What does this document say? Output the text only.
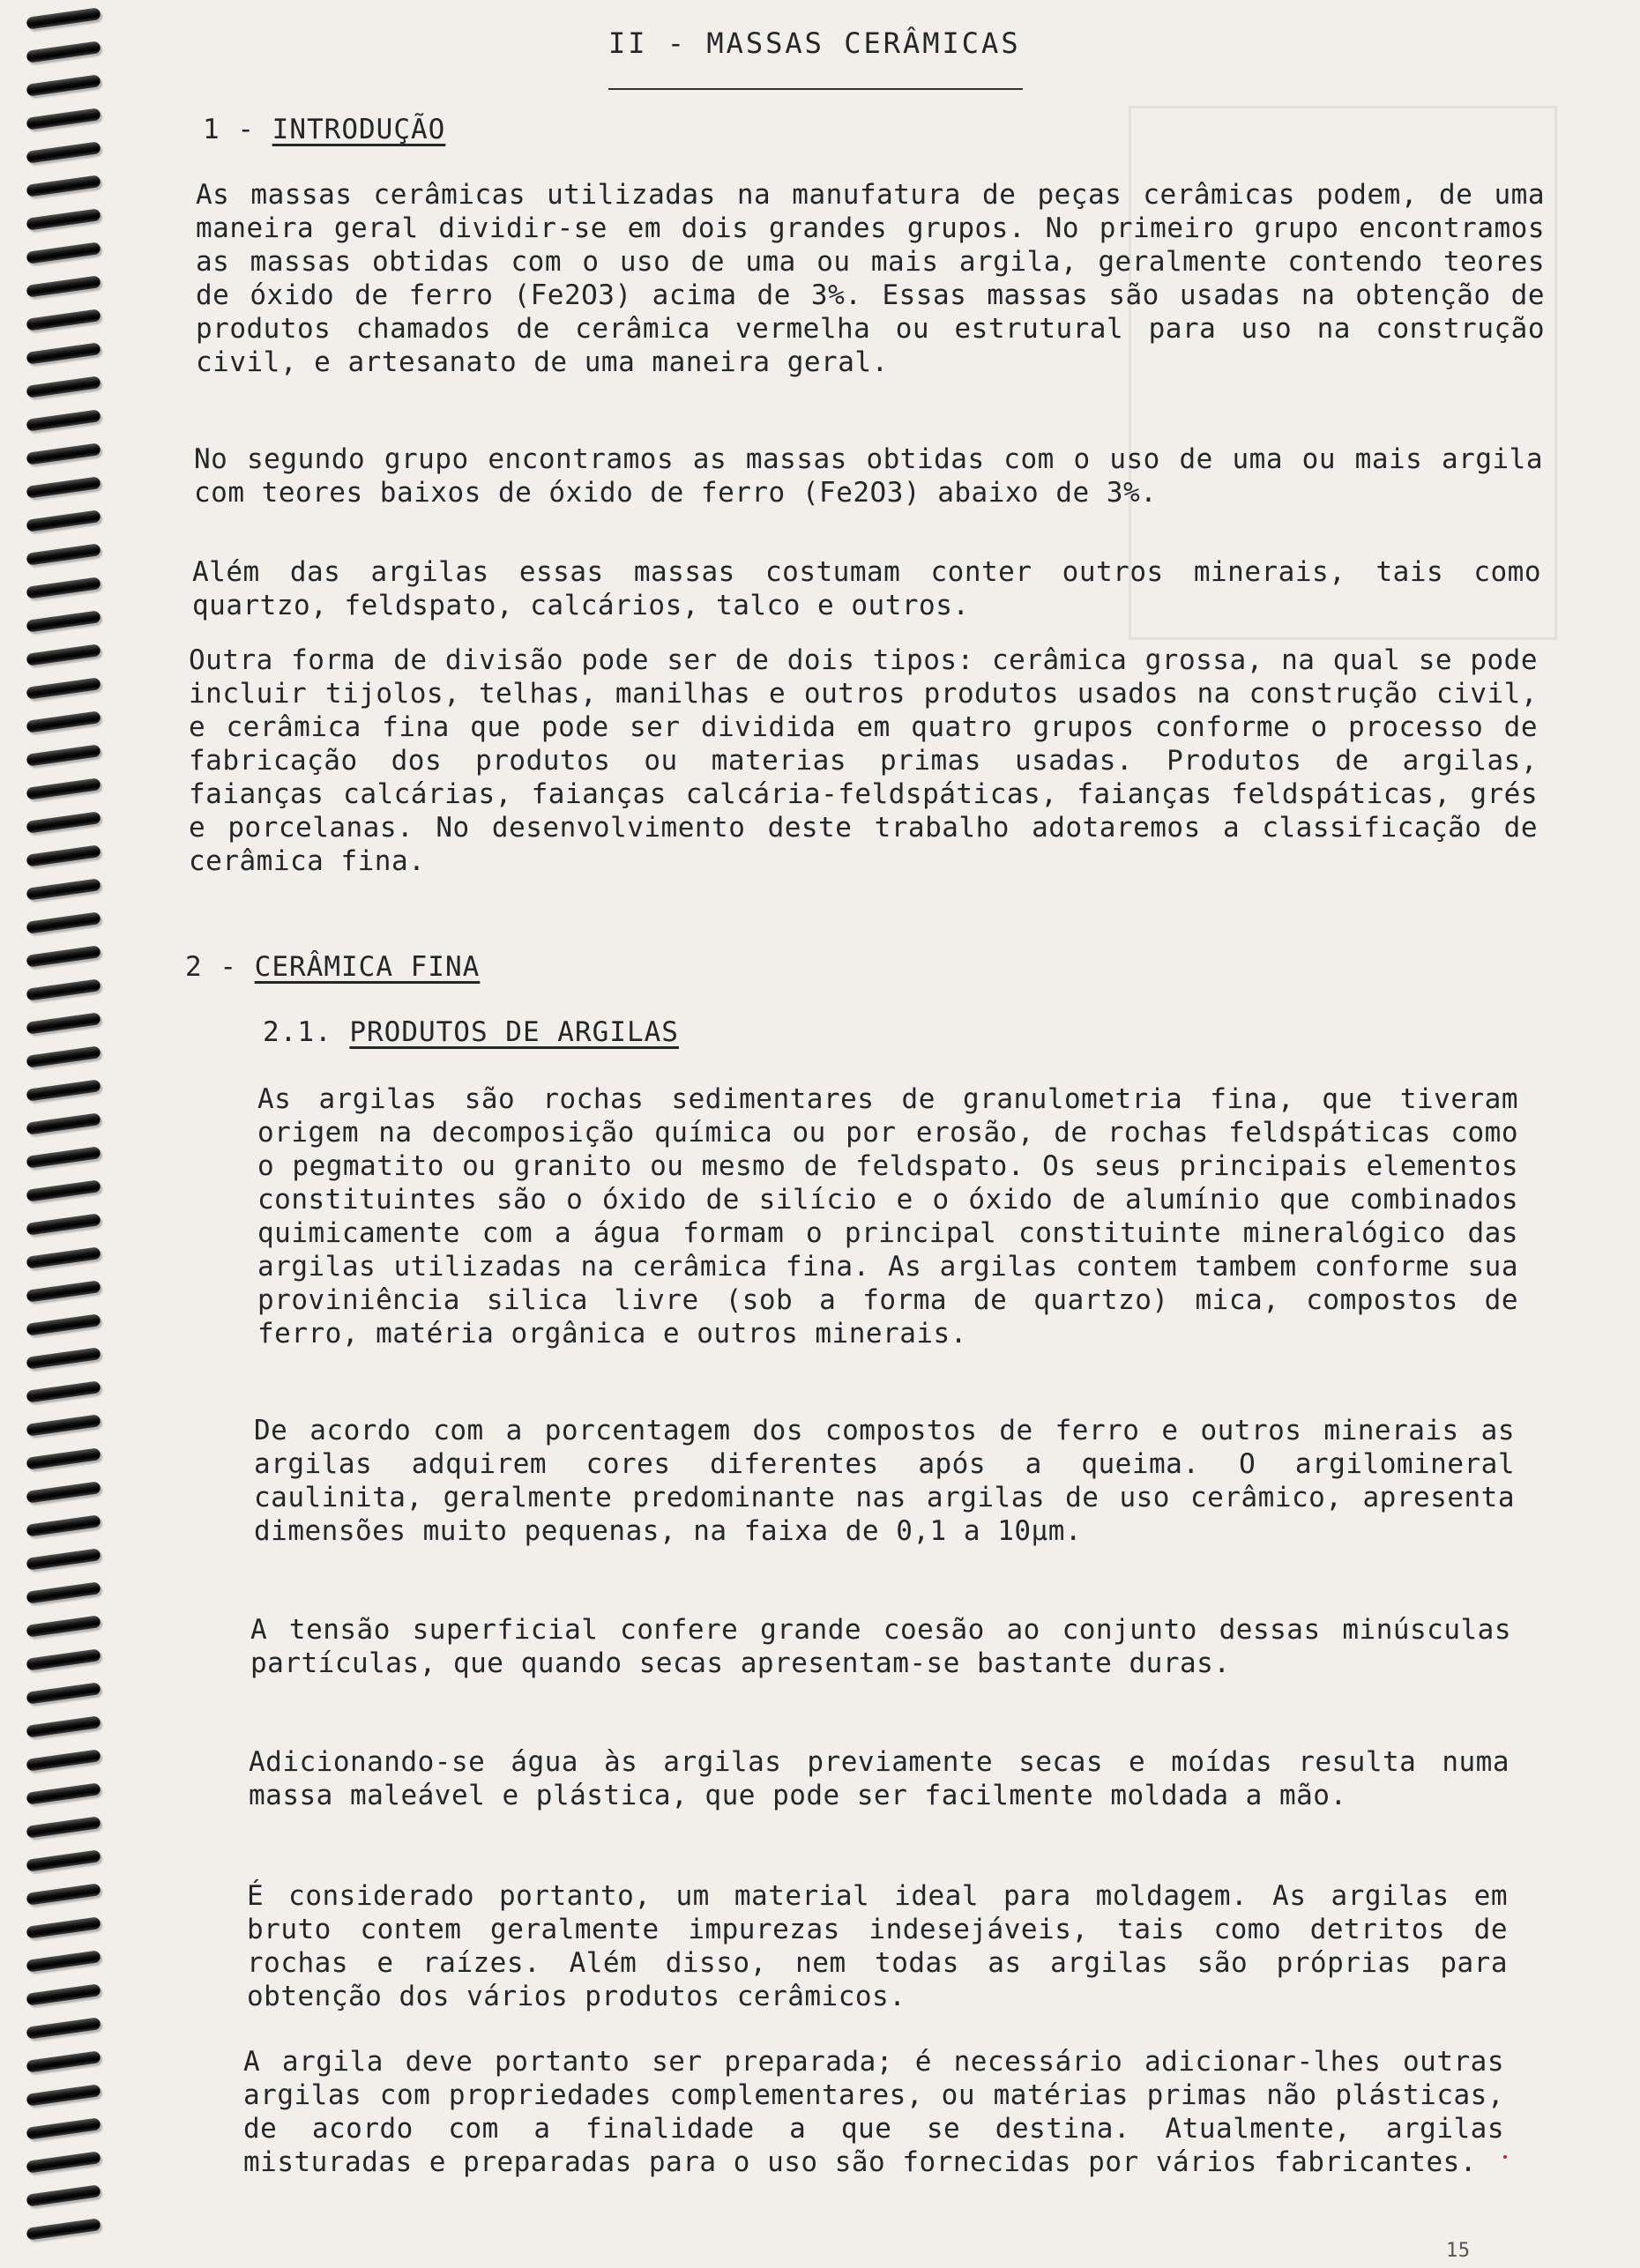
II - MASSAS CERÂMICAS
1 - INTRODUÇÃO

As massas cerâmicas utilizadas na manufatura de peças cerâmicas podem, de uma maneira geral dividir-se em dois grandes grupos. No primeiro grupo encontramos as massas obtidas com o uso de uma ou mais argila, geralmente contendo teores de óxido de ferro (Fe2O3) acima de 3%. Essas massas são usadas na obtenção de produtos chamados de cerâmica vermelha ou estrutural para uso na construção civil, e artesanato de uma maneira geral.

No segundo grupo encontramos as massas obtidas com o uso de uma ou mais argila com teores baixos de óxido de ferro (Fe2O3) abaixo de 3%.

Além das argilas essas massas costumam conter outros minerais, tais como quartzo, feldspato, calcários, talco e outros.

Outra forma de divisão pode ser de dois tipos: cerâmica grossa, na qual se pode incluir tijolos, telhas, manilhas e outros produtos usados na construção civil, e cerâmica fina que pode ser dividida em quatro grupos conforme o processo de fabricação dos produtos ou materias primas usadas. Produtos de argilas, faianças calcárias, faianças calcária-feldspáticas, faianças feldspáticas, grés e porcelanas. No desenvolvimento deste trabalho adotaremos a classificação de cerâmica fina.

2 - CERÂMICA FINA
2.1. PRODUTOS DE ARGILAS

As argilas são rochas sedimentares de granulometria fina, que tiveram origem na decomposição química ou por erosão, de rochas feldspáticas como o pegmatito ou granito ou mesmo de feldspato. Os seus principais elementos constituintes são o óxido de silício e o óxido de alumínio que combinados quimicamente com a água formam o principal constituinte mineralógico das argilas utilizadas na cerâmica fina. As argilas contem tambem conforme sua proviniência silica livre (sob a forma de quartzo) mica, compostos de ferro, matéria orgânica e outros minerais.

De acordo com a porcentagem dos compostos de ferro e outros minerais as argilas adquirem cores diferentes após a queima. O argilomineral caulinita, geralmente predominante nas argilas de uso cerâmico, apresenta dimensões muito pequenas, na faixa de 0,1 a 10µm.

A tensão superficial confere grande coesão ao conjunto dessas minúsculas partículas, que quando secas apresentam-se bastante duras.

Adicionando-se água às argilas previamente secas e moídas resulta numa massa maleável e plástica, que pode ser facilmente moldada a mão.

É considerado portanto, um material ideal para moldagem. As argilas em bruto contem geralmente impurezas indesejáveis, tais como detritos de rochas e raízes. Além disso, nem todas as argilas são próprias para obtenção dos vários produtos cerâmicos.

A argila deve portanto ser preparada; é necessário adicionar-lhes outras argilas com propriedades complementares, ou matérias primas não plásticas, de acordo com a finalidade a que se destina. Atualmente, argilas misturadas e preparadas para o uso são fornecidas por vários fabricantes.

15
